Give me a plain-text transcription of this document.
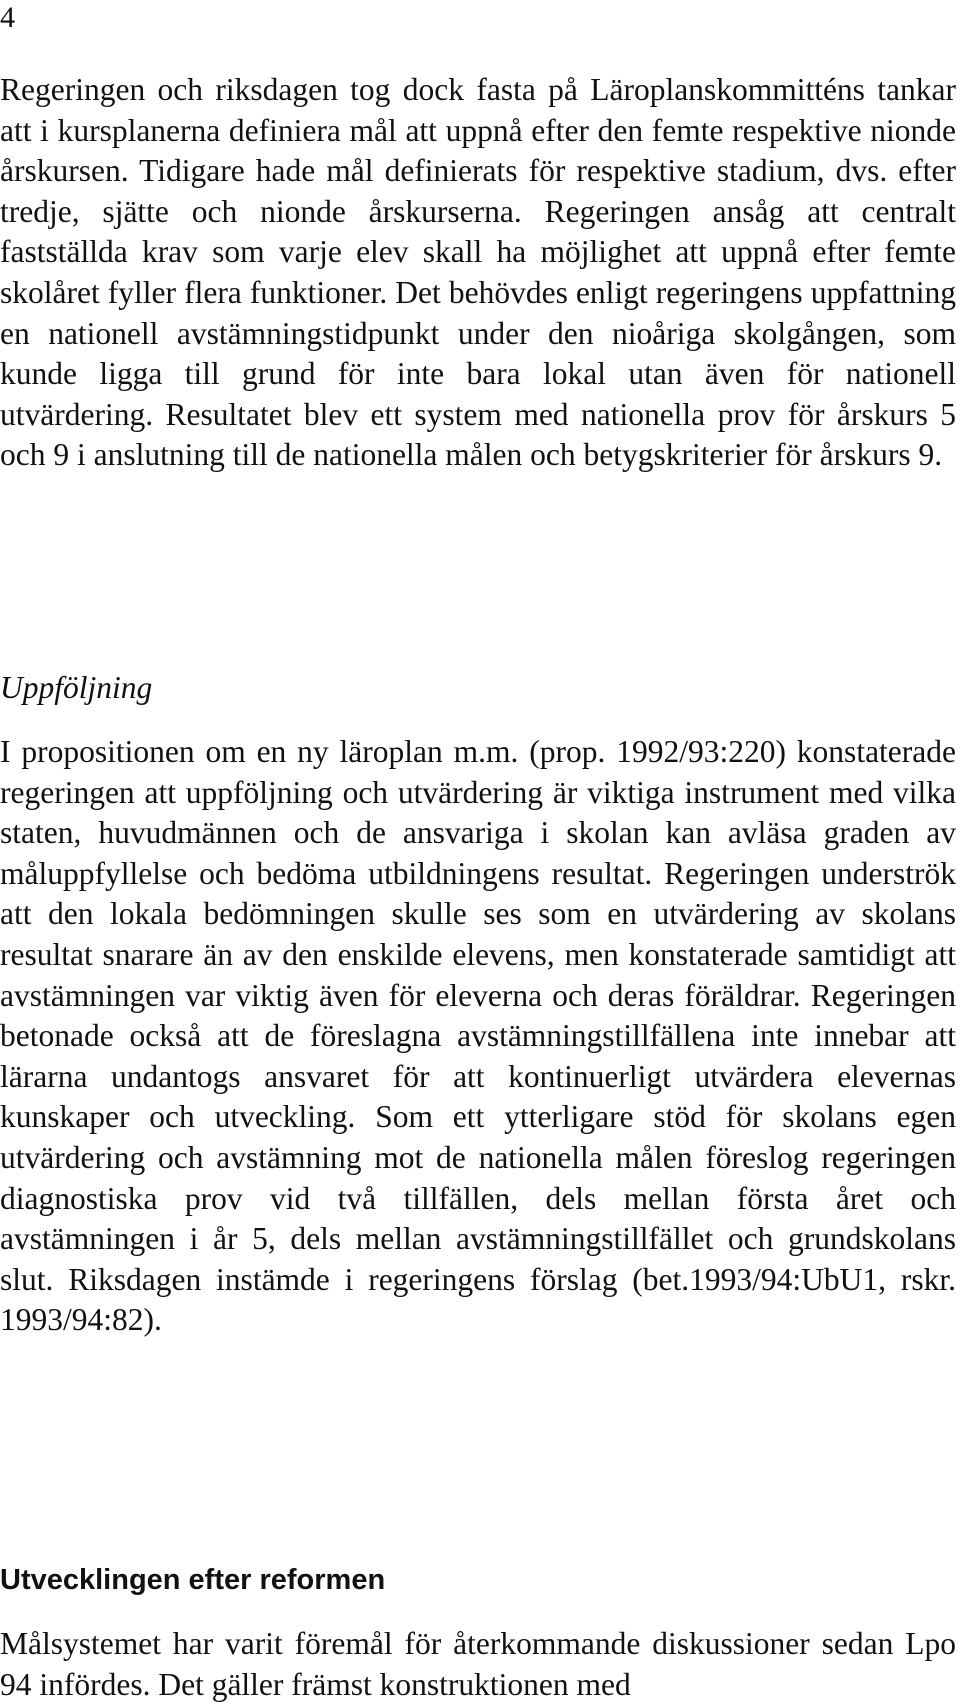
4

Regeringen och riksdagen tog dock fasta på Läroplanskommitténs tankar att i kursplanerna definiera mål att uppnå efter den femte respektive nionde årskursen. Tidigare hade mål definierats för respektive stadium, dvs. efter tredje, sjätte och nionde årskurserna. Regeringen ansåg att centralt fastställda krav som varje elev skall ha möjlighet att uppnå efter femte skolåret fyller flera funktioner. Det behövdes enligt regeringens uppfattning en nationell avstämningstidpunkt under den nioåriga skolgången, som kunde ligga till grund för inte bara lokal utan även för nationell utvärdering. Resultatet blev ett system med nationella prov för årskurs 5 och 9 i anslutning till de nationella målen och betygskriterier för årskurs 9.

Uppföljning

I propositionen om en ny läroplan m.m. (prop. 1992/93:220) konstaterade regeringen att uppföljning och utvärdering är viktiga instrument med vilka staten, huvudmännen och de ansvariga i skolan kan avläsa graden av måluppfyllelse och bedöma utbildningens resultat. Regeringen underströk att den lokala bedömningen skulle ses som en utvärdering av skolans resultat snarare än av den enskilde elevens, men konstaterade samtidigt att avstämningen var viktig även för eleverna och deras föräldrar. Regeringen betonade också att de föreslagna avstämningstillfällena inte innebar att lärarna undantogs ansvaret för att kontinuerligt utvärdera elevernas kunskaper och utveckling. Som ett ytterligare stöd för skolans egen utvärdering och avstämning mot de nationella målen föreslog regeringen diagnostiska prov vid två tillfällen, dels mellan första året och avstämningen i år 5, dels mellan avstämningstillfället och grundskolans slut. Riksdagen instämde i regeringens förslag (bet.1993/94:UbU1, rskr. 1993/94:82).

Utvecklingen efter reformen

Målsystemet har varit föremål för återkommande diskussioner sedan Lpo 94 infördes. Det gäller främst konstruktionen med
